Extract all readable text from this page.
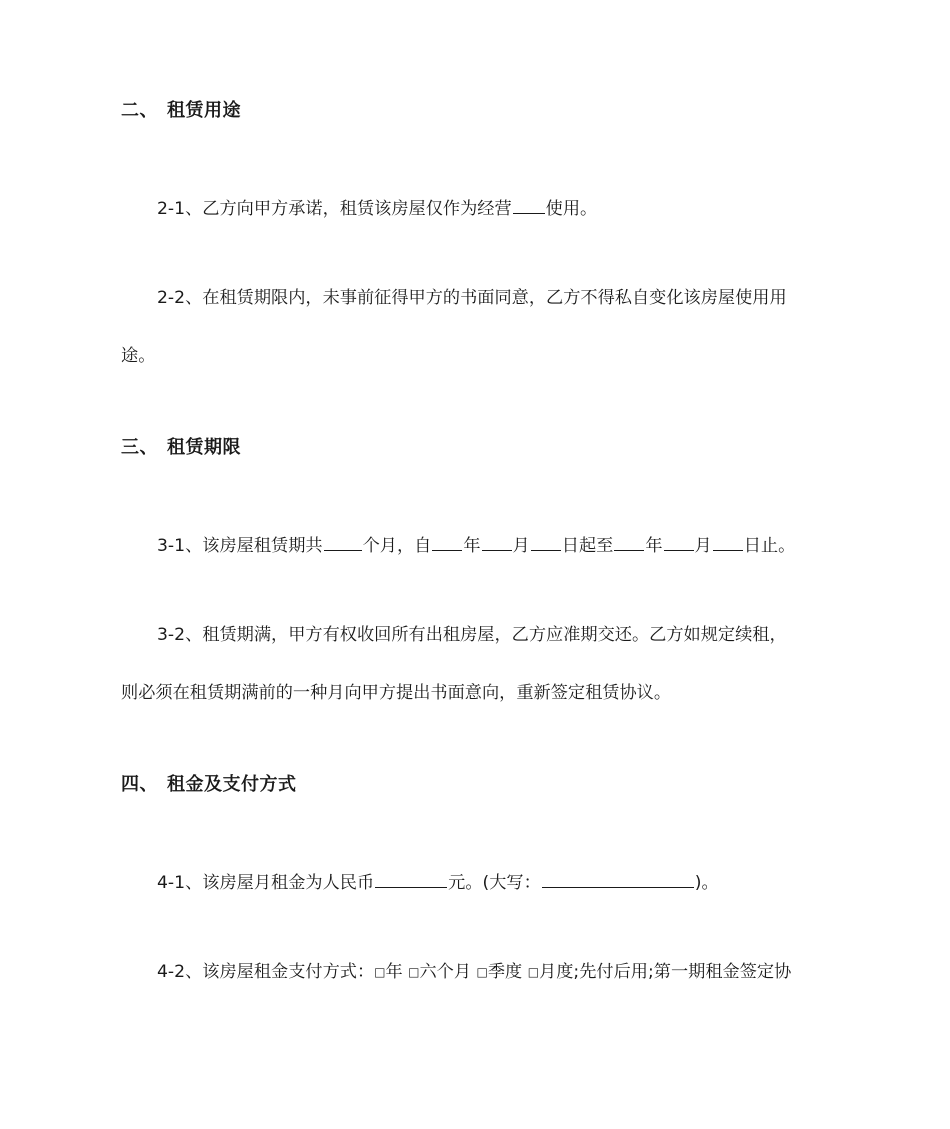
二、 租赁用途
2-1、乙方向甲方承诺，租赁该房屋仅作为经营 使用。
2-2、在租赁期限内，未事前征得甲方的书面同意，乙方不得私自变化该房屋使用用
途。
三、 租赁期限
3-1、该房屋租赁期共 个月，自 年 月 日起至 年 月 日止。
3-2、租赁期满，甲方有权收回所有出租房屋，乙方应准期交还。乙方如规定续租，
则必须在租赁期满前的一种月向甲方提出书面意向，重新签定租赁协议。
四、 租金及支付方式
4-1、该房屋月租金为人民币	元。(大写：	)。
4-2、该房屋租金支付方式：□年 □六个月 □季度 □月度;先付后用;第一期租金签定协
